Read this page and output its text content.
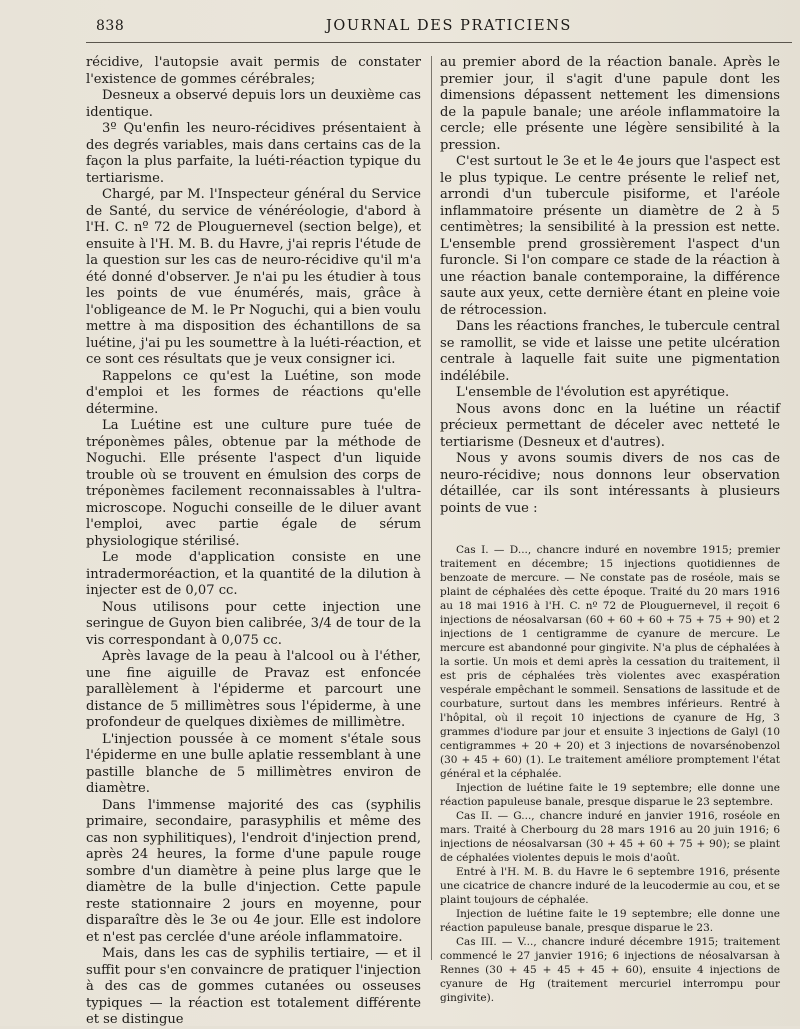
838	JOURNAL DES PRATICIENS

récidive, l'autopsie avait permis de constater l'existence de gommes cérébrales;

Desneux a observé depuis lors un deuxième cas identique.

3º Qu'enfin les neuro-récidives présentaient à des degrés variables, mais dans certains cas de la façon la plus parfaite, la luéti-réaction typique du tertiarisme.

Chargé, par M. l'Inspecteur général du Service de Santé, du service de vénéréologie, d'abord à l'H. C. nº 72 de Plouguernevel (section belge), et ensuite à l'H. M. B. du Havre, j'ai repris l'étude de la question sur les cas de neuro-récidive qu'il m'a été donné d'observer. Je n'ai pu les étudier à tous les points de vue énumérés, mais, grâce à l'obligeance de M. le Pr Noguchi, qui a bien voulu mettre à ma disposition des échantillons de sa luétine, j'ai pu les soumettre à la luéti-réaction, et ce sont ces résultats que je veux consigner ici.

Rappelons ce qu'est la Luétine, son mode d'emploi et les formes de réactions qu'elle détermine.

La Luétine est une culture pure tuée de tréponèmes pâles, obtenue par la méthode de Noguchi. Elle présente l'aspect d'un liquide trouble où se trouvent en émulsion des corps de tréponèmes facilement reconnaissables à l'ultra-microscope. Noguchi conseille de le diluer avant l'emploi, avec partie égale de sérum physiologique stérilisé.

Le mode d'application consiste en une intradermoréaction, et la quantité de la dilution à injecter est de 0,07 cc.

Nous utilisons pour cette injection une seringue de Guyon bien calibrée, 3/4 de tour de la vis correspondant à 0,075 cc.

Après lavage de la peau à l'alcool ou à l'éther, une fine aiguille de Pravaz est enfoncée parallèlement à l'épiderme et parcourt une distance de 5 millimètres sous l'épiderme, à une profondeur de quelques dixièmes de millimètre.

L'injection poussée à ce moment s'étale sous l'épiderme en une bulle aplatie ressemblant à une pastille blanche de 5 millimètres environ de diamètre.

Dans l'immense majorité des cas (syphilis primaire, secondaire, parasyphilis et même des cas non syphilitiques), l'endroit d'injection prend, après 24 heures, la forme d'une papule rouge sombre d'un diamètre à peine plus large que le diamètre de la bulle d'injection. Cette papule reste stationnaire 2 jours en moyenne, pour disparaître dès le 3e ou 4e jour. Elle est indolore et n'est pas cerclée d'une aréole inflammatoire.

Mais, dans les cas de syphilis tertiaire, — et il suffit pour s'en convaincre de pratiquer l'injection à des cas de gommes cutanées ou osseuses typiques — la réaction est totalement différente et se distingue

au premier abord de la réaction banale. Après le premier jour, il s'agit d'une papule dont les dimensions dépassent nettement les dimensions de la papule banale; une aréole inflammatoire la cercle; elle présente une légère sensibilité à la pression.

C'est surtout le 3e et le 4e jours que l'aspect est le plus typique. Le centre présente le relief net, arrondi d'un tubercule pisiforme, et l'aréole inflammatoire présente un diamètre de 2 à 5 centimètres; la sensibilité à la pression est nette. L'ensemble prend grossièrement l'aspect d'un furoncle. Si l'on compare ce stade de la réaction à une réaction banale contemporaine, la différence saute aux yeux, cette dernière étant en pleine voie de rétrocession.

Dans les réactions franches, le tubercule central se ramollit, se vide et laisse une petite ulcération centrale à laquelle fait suite une pigmentation indélébile.

L'ensemble de l'évolution est apyrétique.

Nous avons donc en la luétine un réactif précieux permettant de déceler avec netteté le tertiarisme (Desneux et d'autres).

Nous y avons soumis divers de nos cas de neuro-récidive; nous donnons leur observation détaillée, car ils sont intéressants à plusieurs points de vue :

Cas I. — D..., chancre induré en novembre 1915; premier traitement en décembre; 15 injections quotidiennes de benzoate de mercure. — Ne constate pas de roséole, mais se plaint de céphalées dès cette époque. Traité du 20 mars 1916 au 18 mai 1916 à l'H. C. nº 72 de Plouguernevel, il reçoit 6 injections de néosalvarsan (60 + 60 + 60 + 75 + 75 + 90) et 2 injections de 1 centigramme de cyanure de mercure. Le mercure est abandonné pour gingivite. N'a plus de céphalées à la sortie. Un mois et demi après la cessation du traitement, il est pris de céphalées très violentes avec exaspération vespérale empêchant le sommeil. Sensations de lassitude et de courbature, surtout dans les membres inférieurs. Rentré à l'hôpital, où il reçoit 10 injections de cyanure de Hg, 3 grammes d'iodure par jour et ensuite 3 injections de Galyl (10 centigrammes + 20 + 20) et 3 injections de novarsénobenzol (30 + 45 + 60) (1). Le traitement améliore promptement l'état général et la céphalée.

Injection de luétine faite le 19 septembre; elle donne une réaction papuleuse banale, presque disparue le 23 septembre.

Cas II. — G..., chancre induré en janvier 1916, roséole en mars. Traité à Cherbourg du 28 mars 1916 au 20 juin 1916; 6 injections de néosalvarsan (30 + 45 + 60 + 75 + 90); se plaint de céphalées violentes depuis le mois d'août.

Entré à l'H. M. B. du Havre le 6 septembre 1916, présente une cicatrice de chancre induré de la leucodermie au cou, et se plaint toujours de céphalée.

Injection de luétine faite le 19 septembre; elle donne une réaction papuleuse banale, presque disparue le 23.

Cas III. — V..., chancre induré décembre 1915; traitement commencé le 27 janvier 1916; 6 injections de néosalvarsan à Rennes (30 + 45 + 45 + 45 + 60), ensuite 4 injections de cyanure de Hg (traitement mercuriel interrompu pour gingivite).
